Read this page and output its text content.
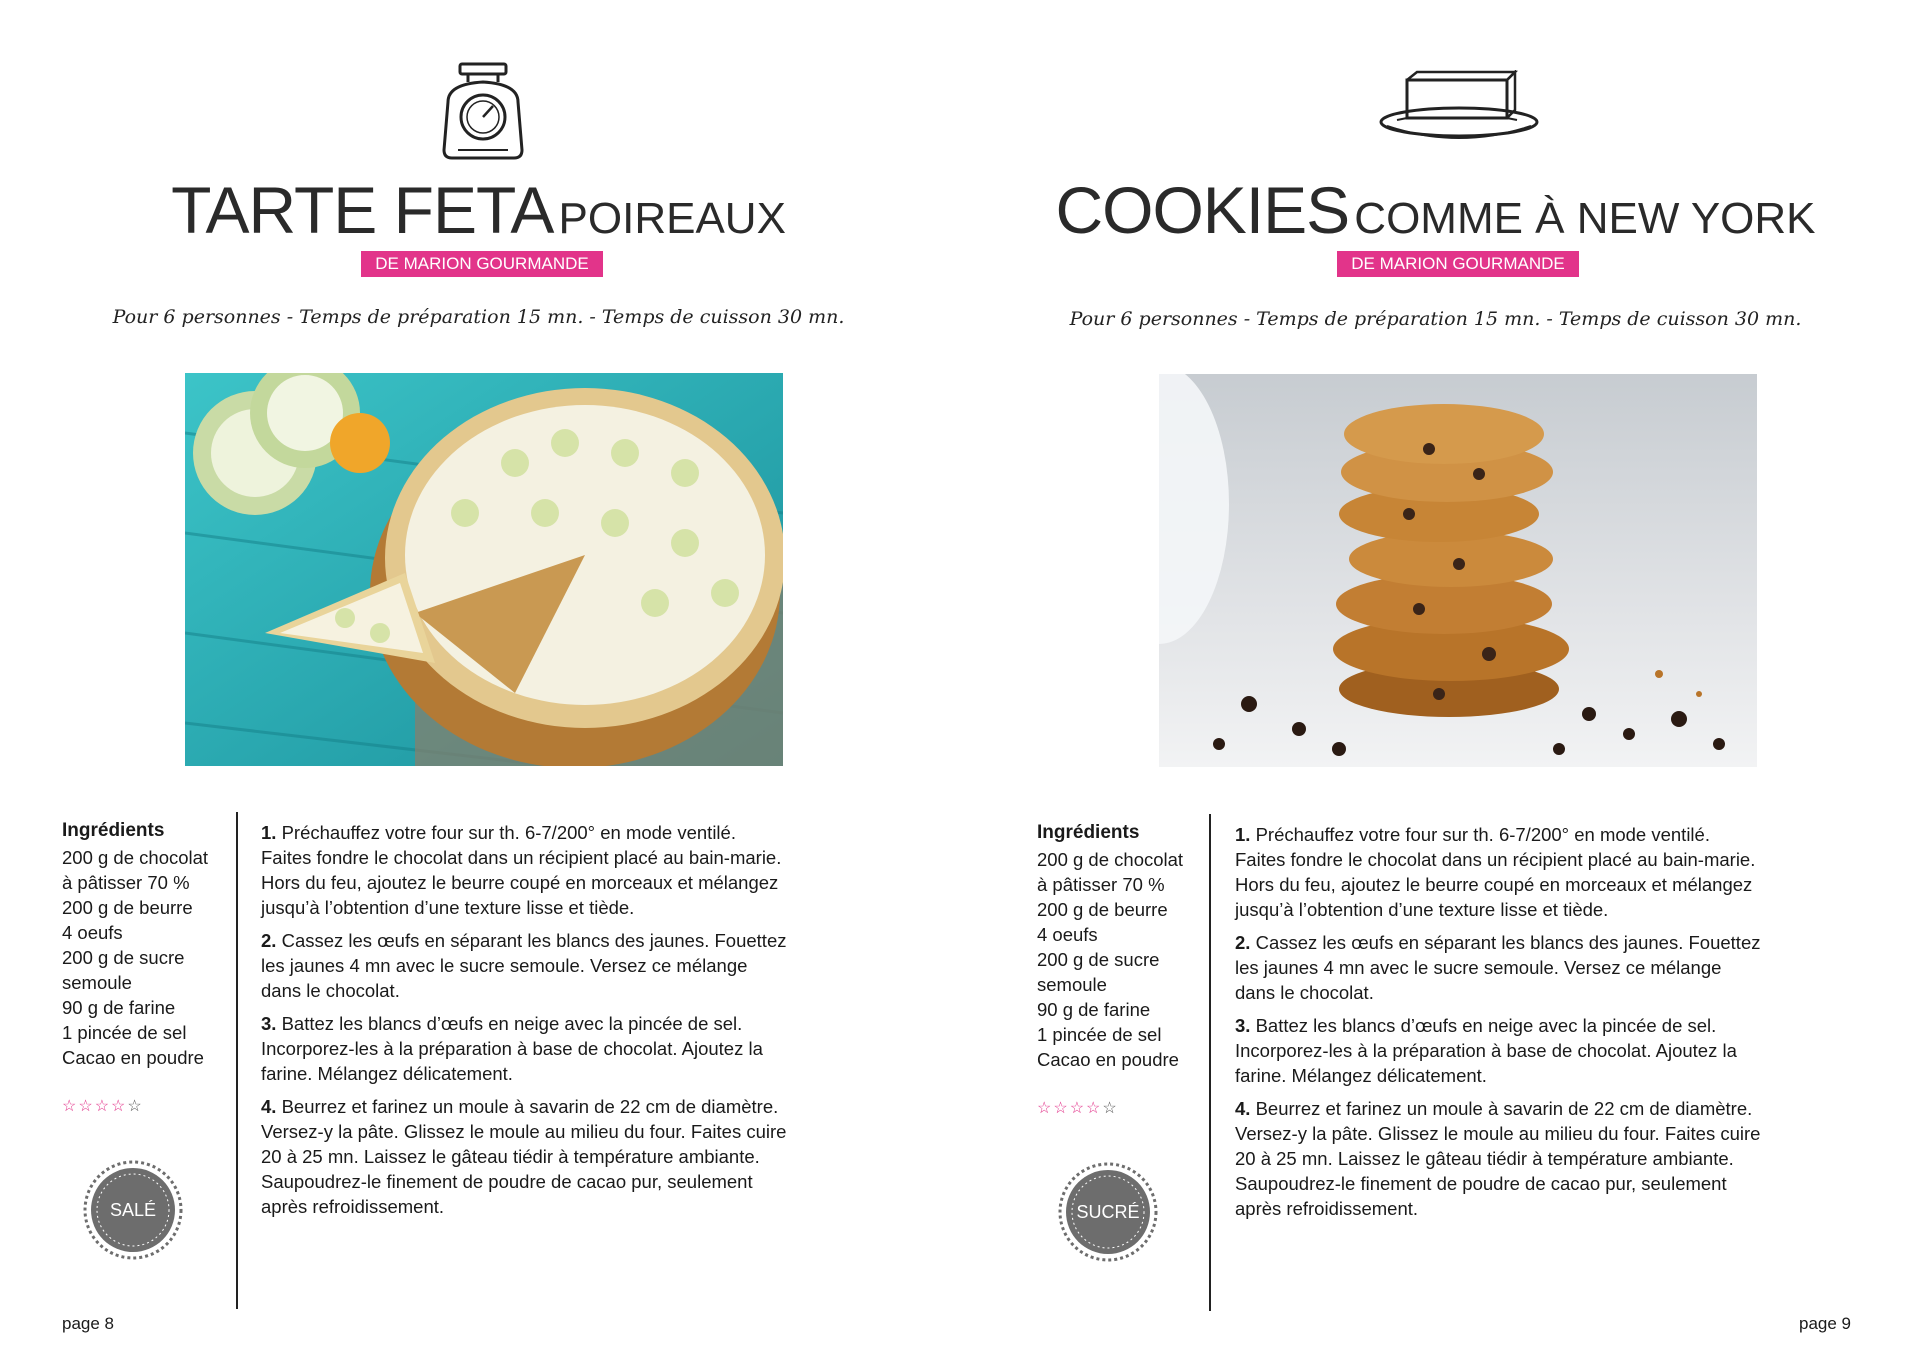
TARTE FETA POIREAUX
DE MARION GOURMANDE
Pour 6 personnes - Temps de préparation 15 mn. - Temps de cuisson 30 mn.
Ingrédients
200 g de chocolat
à pâtisser 70 %
200 g de beurre
4 oeufs
200 g de sucre
semoule
90 g de farine
1 pincée de sel
Cacao en poudre
☆☆☆☆☆
SALÉ
1. Préchauffez votre four sur th. 6-7/200° en mode ventilé. Faites fondre le chocolat dans un récipient placé au bain-marie. Hors du feu, ajoutez le beurre coupé en morceaux et mélangez jusqu’à l’obtention d’une texture lisse et tiède.
2. Cassez les œufs en séparant les blancs des jaunes. Fouettez les jaunes 4 mn avec le sucre semoule. Versez ce mélange dans le chocolat.
3. Battez les blancs d’œufs en neige avec la pincée de sel. Incorporez-les à la préparation à base de chocolat. Ajoutez la farine. Mélangez délicatement.
4. Beurrez et farinez un moule à savarin de 22 cm de diamètre. Versez-y la pâte. Glissez le moule au milieu du four. Faites cuire 20 à 25 mn. Laissez le gâteau tiédir à température ambiante. Saupoudrez-le finement de poudre de cacao pur, seulement après refroidissement.
page 8
COOKIES COMME À NEW YORK
DE MARION GOURMANDE
Pour 6 personnes - Temps de préparation 15 mn. - Temps de cuisson 30 mn.
Ingrédients
200 g de chocolat
à pâtisser 70 %
200 g de beurre
4 oeufs
200 g de sucre
semoule
90 g de farine
1 pincée de sel
Cacao en poudre
☆☆☆☆☆
SUCRÉ
1. Préchauffez votre four sur th. 6-7/200° en mode ventilé. Faites fondre le chocolat dans un récipient placé au bain-marie. Hors du feu, ajoutez le beurre coupé en morceaux et mélangez jusqu’à l’obtention d’une texture lisse et tiède.
2. Cassez les œufs en séparant les blancs des jaunes. Fouettez les jaunes 4 mn avec le sucre semoule. Versez ce mélange dans le chocolat.
3. Battez les blancs d’œufs en neige avec la pincée de sel. Incorporez-les à la préparation à base de chocolat. Ajoutez la farine. Mélangez délicatement.
4. Beurrez et farinez un moule à savarin de 22 cm de diamètre. Versez-y la pâte. Glissez le moule au milieu du four. Faites cuire 20 à 25 mn. Laissez le gâteau tiédir à température ambiante. Saupoudrez-le finement de poudre de cacao pur, seulement après refroidissement.
page 9
